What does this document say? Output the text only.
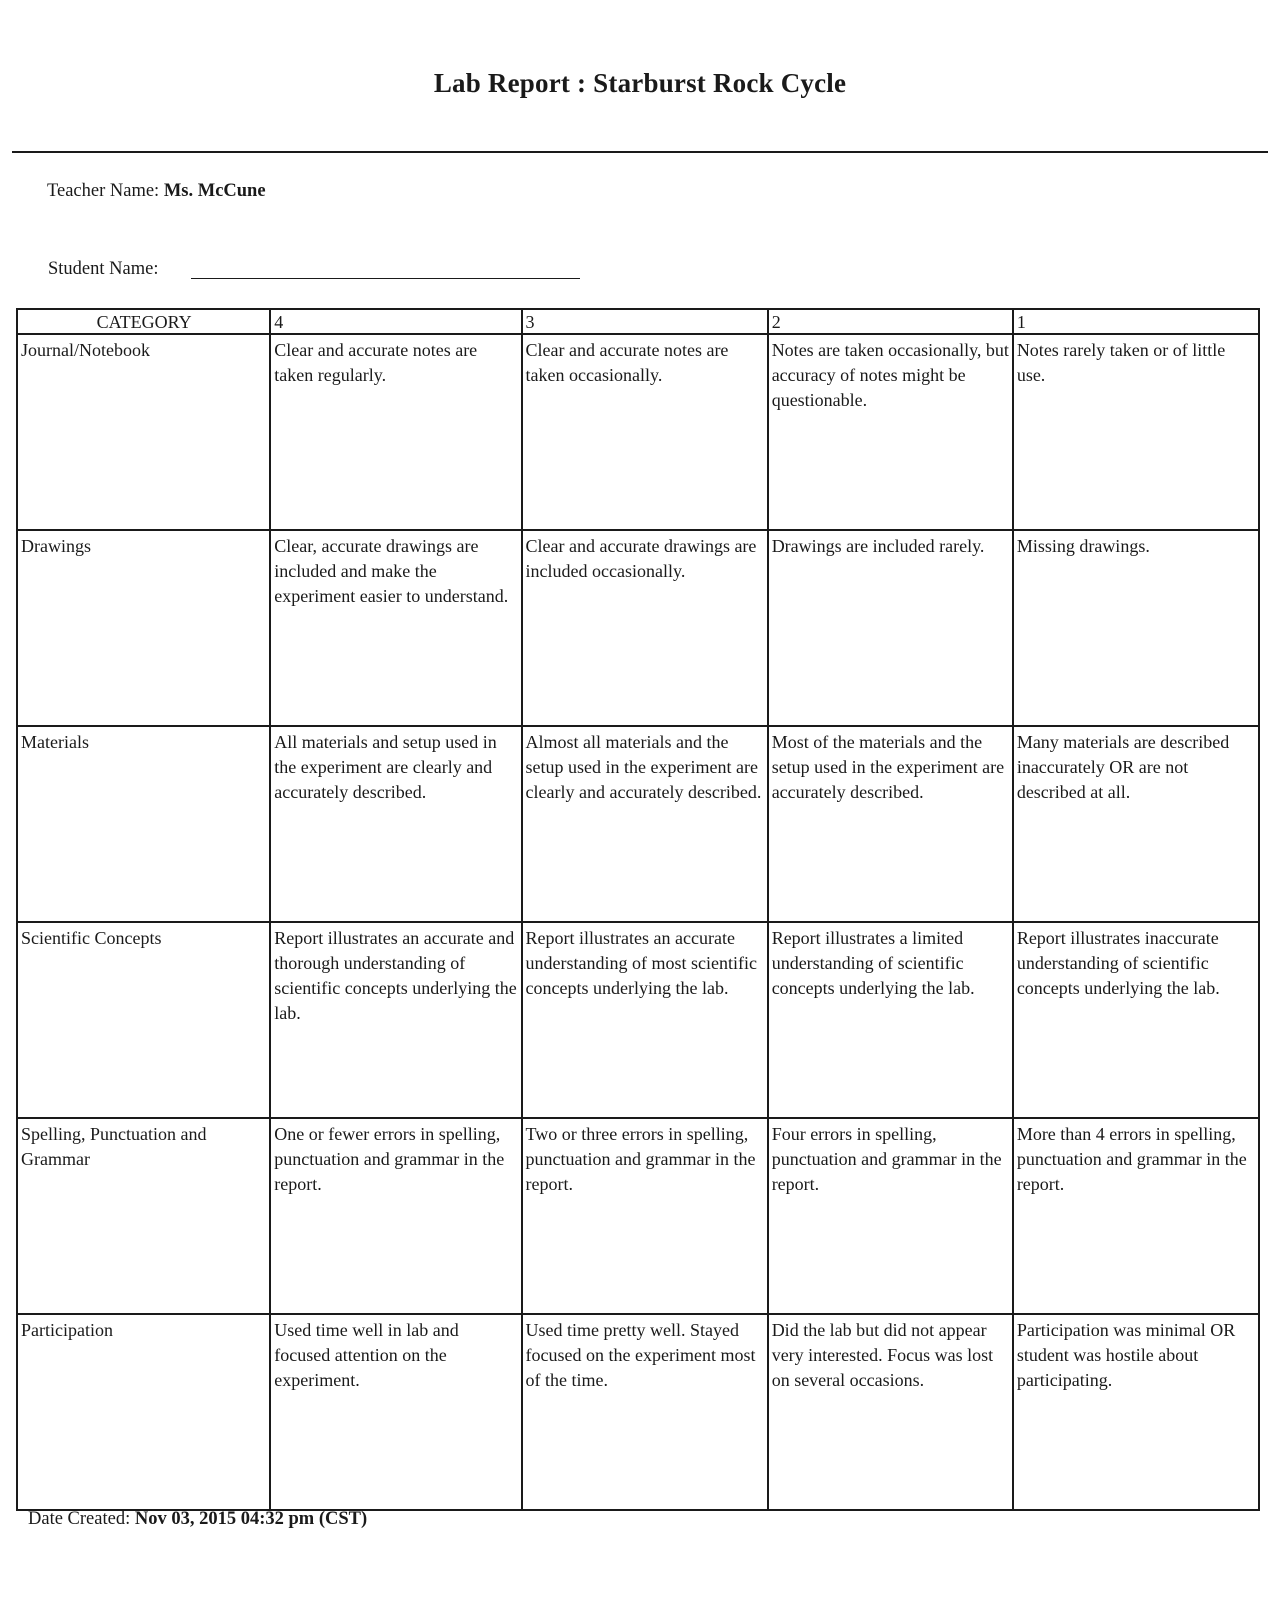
Lab Report : Starburst Rock Cycle
Teacher Name: Ms. McCune
Student Name:
CATEGORY	4	3	2	1
Journal/Notebook	Clear and accurate notes are taken regularly.	Clear and accurate notes are taken occasionally.	Notes are taken occasionally, but accuracy of notes might be questionable.	Notes rarely taken or of little use.
Drawings	Clear, accurate drawings are included and make the experiment easier to understand.	Clear and accurate drawings are included occasionally.	Drawings are included rarely.	Missing drawings.
Materials	All materials and setup used in the experiment are clearly and accurately described.	Almost all materials and the setup used in the experiment are clearly and accurately described.	Most of the materials and the setup used in the experiment are accurately described.	Many materials are described inaccurately OR are not described at all.
Scientific Concepts	Report illustrates an accurate and thorough understanding of scientific concepts underlying the lab.	Report illustrates an accurate understanding of most scientific concepts underlying the lab.	Report illustrates a limited understanding of scientific concepts underlying the lab.	Report illustrates inaccurate understanding of scientific concepts underlying the lab.
Spelling, Punctuation and Grammar	One or fewer errors in spelling, punctuation and grammar in the report.	Two or three errors in spelling, punctuation and grammar in the report.	Four errors in spelling, punctuation and grammar in the report.	More than 4 errors in spelling, punctuation and grammar in the report.
Participation	Used time well in lab and focused attention on the experiment.	Used time pretty well. Stayed focused on the experiment most of the time.	Did the lab but did not appear very interested. Focus was lost on several occasions.	Participation was minimal OR student was hostile about participating.
Date Created: Nov 03, 2015 04:32 pm (CST)
